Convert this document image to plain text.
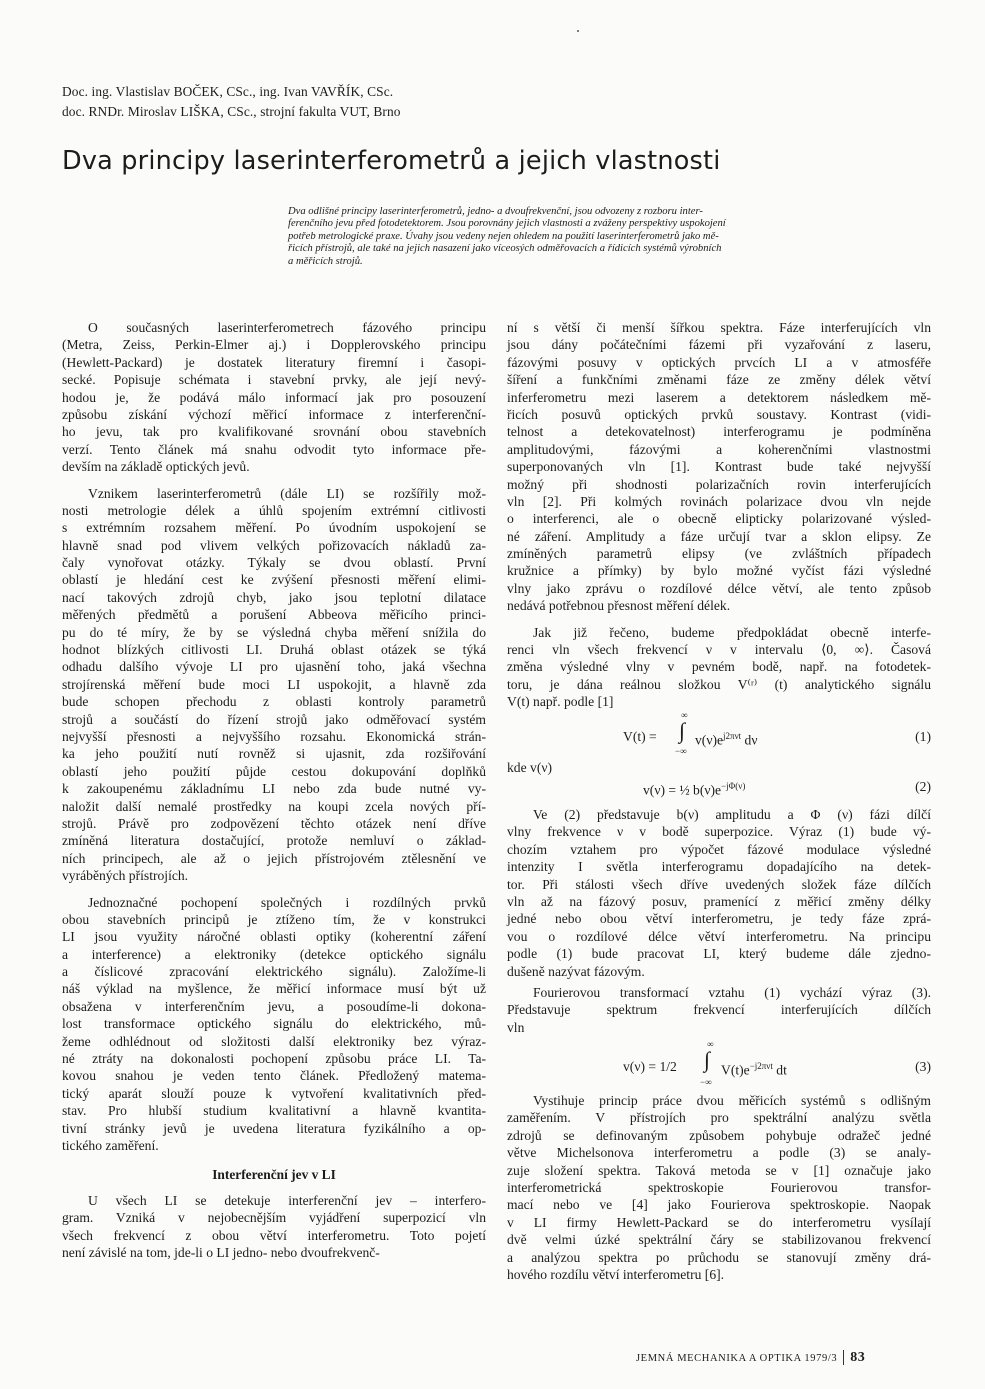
Doc. ing. Vlastislav BOČEK, CSc., ing. Ivan VAVŘÍK, CSc.
doc. RNDr. Miroslav LIŠKA, CSc., strojní fakulta VUT, Brno
Dva principy laserinterferometrů a jejich vlastnosti
Dva odlišné principy laserinterferometrů, jedno- a dvoufrekvenční, jsou odvozeny z rozboru inter-
ferenčního jevu před fotodetektorem. Jsou porovnány jejich vlastnosti a zváženy perspektivy uspokojení
potřeb metrologické praxe. Úvahy jsou vedeny nejen ohledem na použití laserinterferometrů jako mě-
řicích přístrojů, ale také na jejich nasazení jako víceosých odměřovacích a řídicích systémů výrobních
a měřicích strojů.

O současných laserinterferometrech fázového principu
(Metra, Zeiss, Perkin-Elmer aj.) i Dopplerovského principu
(Hewlett-Packard) je dostatek literatury firemní i časopi-
secké. Popisuje schémata i stavební prvky, ale její nevý-
hodou je, že podává málo informací jak pro posouzení
způsobu získání výchozí měřicí informace z interferenční-
ho jevu, tak pro kvalifikované srovnání obou stavebních
verzí. Tento článek má snahu odvodit tyto informace pře-
devším na základě optických jevů.

Vznikem laserinterferometrů (dále LI) se rozšířily mož-
nosti metrologie délek a úhlů spojením extrémní citlivosti
s extrémním rozsahem měření. Po úvodním uspokojení se
hlavně snad pod vlivem velkých pořizovacích nákladů za-
čaly vynořovat otázky. Týkaly se dvou oblastí. První
oblastí je hledání cest ke zvýšení přesnosti měření elimi-
nací takových zdrojů chyb, jako jsou teplotní dilatace
měřených předmětů a porušení Abbeova měřicího princi-
pu do té míry, že by se výsledná chyba měření snížila do
hodnot blízkých citlivosti LI. Druhá oblast otázek se týká
odhadu dalšího vývoje LI pro ujasnění toho, jaká všechna
strojírenská měření bude moci LI uspokojit, a hlavně zda
bude schopen přechodu z oblasti kontroly parametrů
strojů a součástí do řízení strojů jako odměřovací systém
nejvyšší přesnosti a nejvyššího rozsahu. Ekonomická strán-
ka jeho použití nutí rovněž si ujasnit, zda rozšiřování
oblastí jeho použití půjde cestou dokupování doplňků
k zakoupenému základnímu LI nebo zda bude nutné vy-
naložit další nemalé prostředky na koupi zcela nových pří-
strojů. Právě pro zodpovězení těchto otázek není dříve
zmíněná literatura dostačující, protože nemluví o základ-
ních principech, ale až o jejich přístrojovém ztělesnění ve
vyráběných přístrojích.

Jednoznačné pochopení společných i rozdílných prvků
obou stavebních principů je ztíženo tím, že v konstrukci
LI jsou využity náročné oblasti optiky (koherentní záření
a interference) a elektroniky (detekce optického signálu
a číslicové zpracování elektrického signálu). Založíme-li
náš výklad na myšlence, že měřicí informace musí být už
obsažena v interferenčním jevu, a posoudíme-li dokona-
lost transformace optického signálu do elektrického, mů-
žeme odhlédnout od složitosti další elektroniky bez výraz-
né ztráty na dokonalosti pochopení způsobu práce LI. Ta-
kovou snahou je veden tento článek. Předložený matema-
tický aparát slouží pouze k vytvoření kvalitativních před-
stav. Pro hlubší studium kvalitativní a hlavně kvantita-
tivní stránky jevů je uvedena literatura fyzikálního a op-
tického zaměření.

Interferenční jev v LI

U všech LI se detekuje interferenční jev – interfero-
gram. Vzniká v nejobecnějším vyjádření superpozicí vln
všech frekvencí z obou větví interferometru. Toto pojetí
není závislé na tom, jde-li o LI jedno- nebo dvoufrekvenč-

ní s větší či menší šířkou spektra. Fáze interferujících vln
jsou dány počátečními fázemi při vyzařování z laseru,
fázovými posuvy v optických prvcích LI a v atmosféře
šíření a funkčními změnami fáze ze změny délek větví
inferferometru mezi laserem a detektorem následkem mě-
řicích posuvů optických prvků soustavy. Kontrast (vidi-
telnost a detekovatelnost) interferogramu je podmíněna
amplitudovými, fázovými a koherenčními vlastnostmi
superponovaných vln [1]. Kontrast bude také nejvyšší
možný při shodnosti polarizačních rovin interferujících
vln [2]. Při kolmých rovinách polarizace dvou vln nejde
o interferenci, ale o obecně elipticky polarizované výsled-
né záření. Amplitudy a fáze určují tvar a sklon elipsy. Ze
zmíněných parametrů elipsy (ve zvláštních případech
kružnice a přímky) by bylo možné vyčíst fázi výsledné
vlny jako zprávu o rozdílové délce větví, ale tento způsob
nedává potřebnou přesnost měření délek.

Jak již řečeno, budeme předpokládat obecně interfe-
renci vln všech frekvencí ν v intervalu ⟨0, ∞⟩. Časová
změna výsledné vlny v pevném bodě, např. na fotodetek-
toru, je dána reálnou složkou V⁽ʳ⁾ (t) analytického signálu
V(t) např. podle [1]

V(t) =
∞
∫
−∞
$v(\nu)e^{j2\pi\nu t}$ dν	(1)
kde v(ν)
v(ν) = ½ $b(\nu)e^{-j\Phi(\nu)}$	(2)

Ve (2) představuje b(ν) amplitudu a Φ (ν) fázi dílčí
vlny frekvence ν v bodě superpozice. Výraz (1) bude vý-
chozím vztahem pro výpočet fázové modulace výsledné
intenzity I světla interferogramu dopadajícího na detek-
tor. Při stálosti všech dříve uvedených složek fáze dílčích
vln až na fázový posuv, pramenící z měřicí změny délky
jedné nebo obou větví interferometru, je tedy fáze zprá-
vou o rozdílové délce větví interferometru. Na principu
podle (1) bude pracovat LI, který budeme dále zjedno-
dušeně nazývat fázovým.

Fourierovou transformací vztahu (1) vychází výraz (3).
Představuje spektrum frekvencí interferujících dílčích
vln

v(ν) = 1/2
∞
∫
−∞
$V(t)e^{-j2\pi\nu t}$ dt	(3)

Vystihuje princip práce dvou měřicích systémů s odlišným
zaměřením. V přístrojích pro spektrální analýzu světla
zdrojů se definovaným způsobem pohybuje odražeč jedné
větve Michelsonova interferometru a podle (3) se analy-
zuje složení spektra. Taková metoda se v [1] označuje jako
interferometrická spektroskopie Fourierovou transfor-
mací nebo ve [4] jako Fourierova spektroskopie. Naopak
v LI firmy Hewlett-Packard se do interferometru vysílají
dvě velmi úzké spektrální čáry se stabilizovanou frekvencí
a analýzou spektra po průchodu se stanovují změny drá-
hového rozdílu větví interferometru [6].

JEMNÁ MECHANIKA A OPTIKA 1979/3 83
